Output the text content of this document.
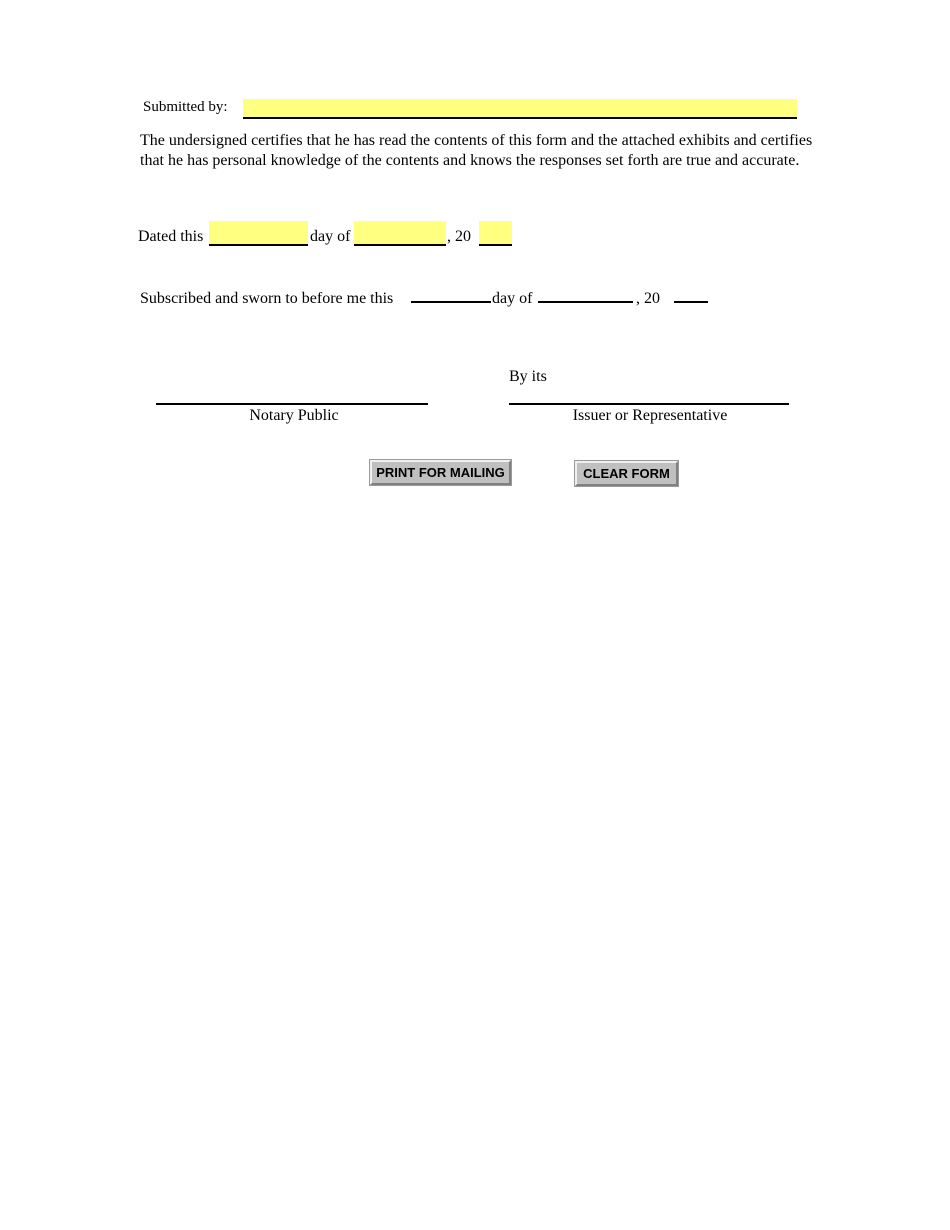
Submitted by:
The undersigned certifies that he has read the contents of this form and the attached exhibits and certifies that he has personal knowledge of the contents and knows the responses set forth are true and accurate.
Dated this	day of	, 20
Subscribed and sworn to before me this	day of	, 20
By its
Notary Public	Issuer or Representative
PRINT FOR MAILING	CLEAR FORM
